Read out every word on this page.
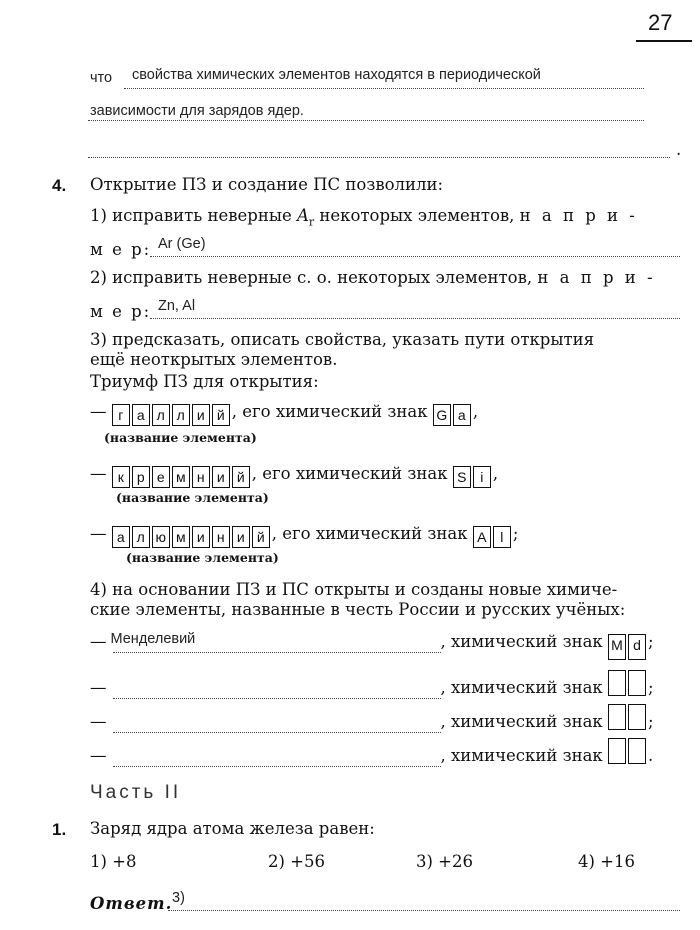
27
что свойства химических элементов находятся в периодической
зависимости для зарядов ядер.
.
4. Открытие ПЗ и создание ПС позволили:
1) исправить неверные $A_r$ некоторых элементов, н а п р и -
м е р: Ar (Ge)
2) исправить неверные с. о. некоторых элементов, н а п р и -
м е р: Zn, Al
3) предсказать, описать свойства, указать пути открытия
ещё неоткрытых элементов.
Триумф ПЗ для открытия:
— г а л л и й , его химический знак G a ,
(название элемента)
— к р е м н и й , его химический знак S i ,
(название элемента)
— а л ю м и н и й , его химический знак A l ;
(название элемента)
4) на основании ПЗ и ПС открыты и созданы новые химиче-
ские элементы, названные в честь России и русских учёных:
— Менделевий	, химический знак M d ;
—	, химический знак	;
—	, химический знак	;
—	, химический знак	.
Часть II
1. Заряд ядра атома железа равен:
1) +8	2) +56	3) +26	4) +16
Ответ. 3)
